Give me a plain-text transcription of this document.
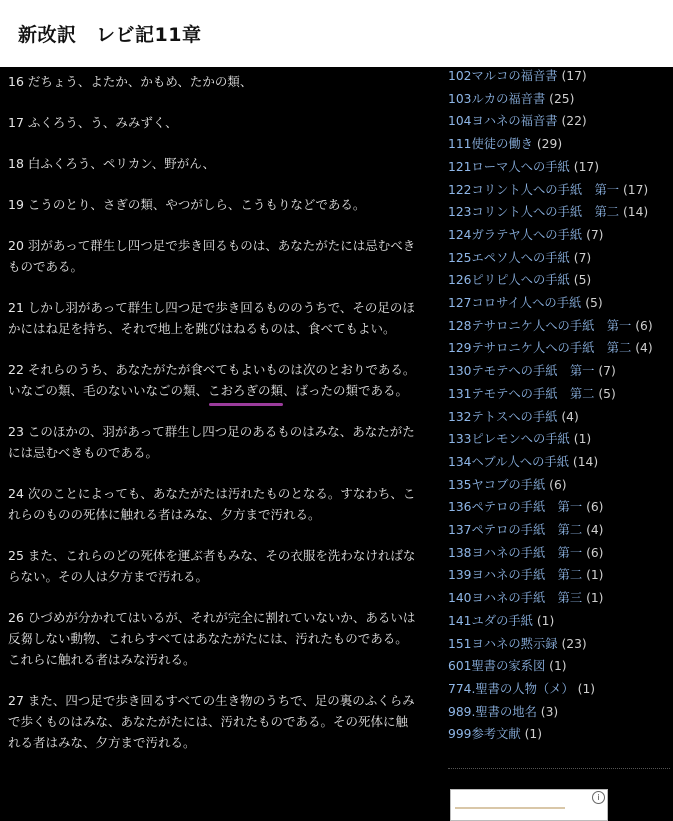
新改訳　レビ記11章

16 だちょう、よたか、かもめ、たかの類、

17 ふくろう、う、みみずく、

18 白ふくろう、ペリカン、野がん、

19 こうのとり、さぎの類、やつがしら、こうもりなどである。

20 羽があって群生し四つ足で歩き回るものは、あなたがたには忌むべきものである。

21 しかし羽があって群生し四つ足で歩き回るもののうちで、その足のほかにはね足を持ち、それで地上を跳びはねるものは、食べてもよい。

22 それらのうち、あなたがたが食べてもよいものは次のとおりである。いなごの類、毛のないいなごの類、こおろぎの類
、ばったの類である。

23 このほかの、羽があって群生し四つ足のあるものはみな、あなたがたには忌むべきものである。

24 次のことによっても、あなたがたは汚れたものとなる。すなわち、これらのものの死体に触れる者はみな、夕方まで汚れる。

25 また、これらのどの死体を運ぶ者もみな、その衣服を洗わなければならない。その人は夕方まで汚れる。

26 ひづめが分かれてはいるが、それが完全に割れていないか、あるいは反芻しない動物、これらすべてはあなたがたには、汚れたものである。これらに触れる者はみな汚れる。

27 また、四つ足で歩き回るすべての生き物のうちで、足の裏のふくらみで歩くものはみな、あなたがたには、汚れたものである。その死体に触れる者はみな、夕方まで汚れる。

102マルコの福音書 (17)
103ルカの福音書 (25)
104ヨハネの福音書 (22)
111使徒の働き (29)
121ローマ人への手紙 (17)
122コリント人への手紙　第一 (17)
123コリント人への手紙　第二 (14)
124ガラテヤ人への手紙 (7)
125エペソ人への手紙 (7)
126ピリピ人への手紙 (5)
127コロサイ人への手紙 (5)
128テサロニケ人への手紙　第一 (6)
129テサロニケ人への手紙　第二 (4)
130テモテへの手紙　第一 (7)
131テモテへの手紙　第二 (5)
132テトスへの手紙 (4)
133ピレモンへの手紙 (1)
134ヘブル人への手紙 (14)
135ヤコブの手紙 (6)
136ペテロの手紙　第一 (6)
137ペテロの手紙　第二 (4)
138ヨハネの手紙　第一 (6)
139ヨハネの手紙　第二 (1)
140ヨハネの手紙　第三 (1)
141ユダの手紙 (1)
151ヨハネの黙示録 (23)
601聖書の家系図 (1)
774.聖書の人物（メ） (1)
989.聖書の地名 (3)
999参考文献 (1)
i
